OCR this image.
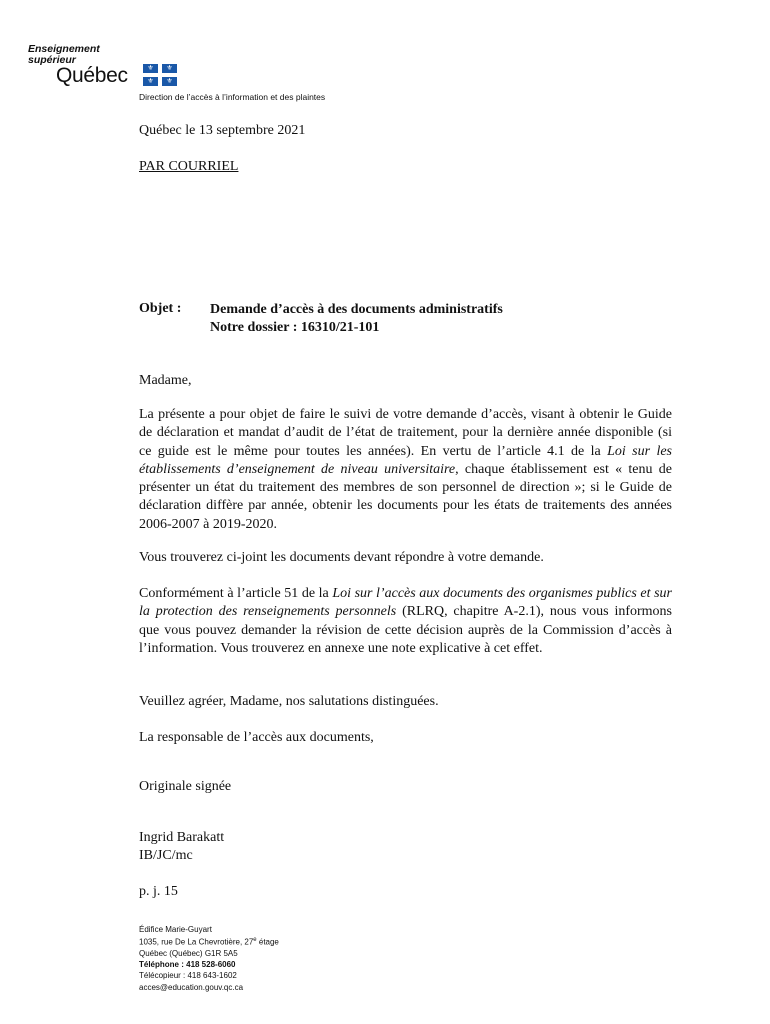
Enseignement
supérieur
Québec	⚜	⚜
⚜	⚜
Direction de l’accès à l’information et des plaintes
Québec le 13 septembre 2021
PAR COURRIEL
Objet : Demande d’accès à des documents administratifs
Notre dossier : 16310/21-101
Madame,
La présente a pour objet de faire le suivi de votre demande d’accès, visant à obtenir le Guide de déclaration et mandat d’audit de l’état de traitement, pour la dernière année disponible (si ce guide est le même pour toutes les années). En vertu de l’article 4.1 de la Loi sur les établissements d’enseignement de niveau universitaire, chaque établissement est « tenu de présenter un état du traitement des membres de son personnel de direction »; si le Guide de déclaration diffère par année, obtenir les documents pour les états de traitements des années 2006-2007 à 2019-2020.
Vous trouverez ci-joint les documents devant répondre à votre demande.
Conformément à l’article 51 de la Loi sur l’accès aux documents des organismes publics et sur la protection des renseignements personnels (RLRQ, chapitre A-2.1), nous vous informons que vous pouvez demander la révision de cette décision auprès de la Commission d’accès à l’information. Vous trouverez en annexe une note explicative à cet effet.
Veuillez agréer, Madame, nos salutations distinguées.
La responsable de l’accès aux documents,
Originale signée
Ingrid Barakatt
IB/JC/mc
p. j. 15
Édifice Marie-Guyart
1035, rue De La Chevrotière, 27e étage
Québec (Québec) G1R 5A5
Téléphone : 418 528-6060
Télécopieur : 418 643-1602
acces@education.gouv.qc.ca
